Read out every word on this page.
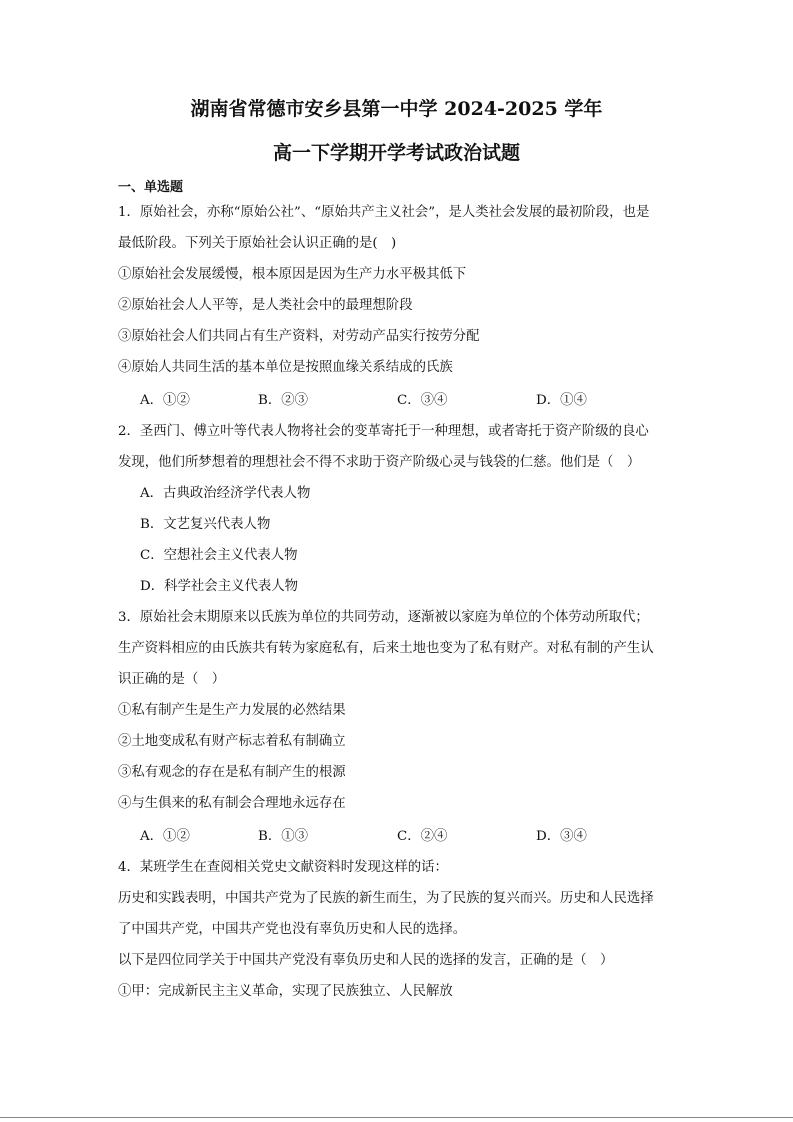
湖南省常德市安乡县第一中学 2024-2025 学年
高一下学期开学考试政治试题
一、单选题
1．原始社会，亦称“原始公社”、“原始共产主义社会”，是人类社会发展的最初阶段，也是
最低阶段。下列关于原始社会认识正确的是(　)
①原始社会发展缓慢，根本原因是因为生产力水平极其低下
②原始社会人人平等，是人类社会中的最理想阶段
③原始社会人们共同占有生产资料，对劳动产品实行按劳分配
④原始人共同生活的基本单位是按照血缘关系结成的氏族
A．①②	B．②③	C．③④	D．①④
2．圣西门、傅立叶等代表人物将社会的变革寄托于一种理想，或者寄托于资产阶级的良心
发现，他们所梦想着的理想社会不得不求助于资产阶级心灵与钱袋的仁慈。他们是（　）
A．古典政治经济学代表人物
B．文艺复兴代表人物
C．空想社会主义代表人物
D．科学社会主义代表人物
3．原始社会末期原来以氏族为单位的共同劳动，逐渐被以家庭为单位的个体劳动所取代；
生产资料相应的由氏族共有转为家庭私有，后来土地也变为了私有财产。对私有制的产生认
识正确的是（　）
①私有制产生是生产力发展的必然结果
②土地变成私有财产标志着私有制确立
③私有观念的存在是私有制产生的根源
④与生俱来的私有制会合理地永远存在
A．①②	B．①③	C．②④	D．③④
4．某班学生在查阅相关党史文献资料时发现这样的话：
历史和实践表明，中国共产党为了民族的新生而生，为了民族的复兴而兴。历史和人民选择
了中国共产党，中国共产党也没有辜负历史和人民的选择。
以下是四位同学关于中国共产党没有辜负历史和人民的选择的发言，正确的是（　）
①甲：完成新民主主义革命，实现了民族独立、人民解放
